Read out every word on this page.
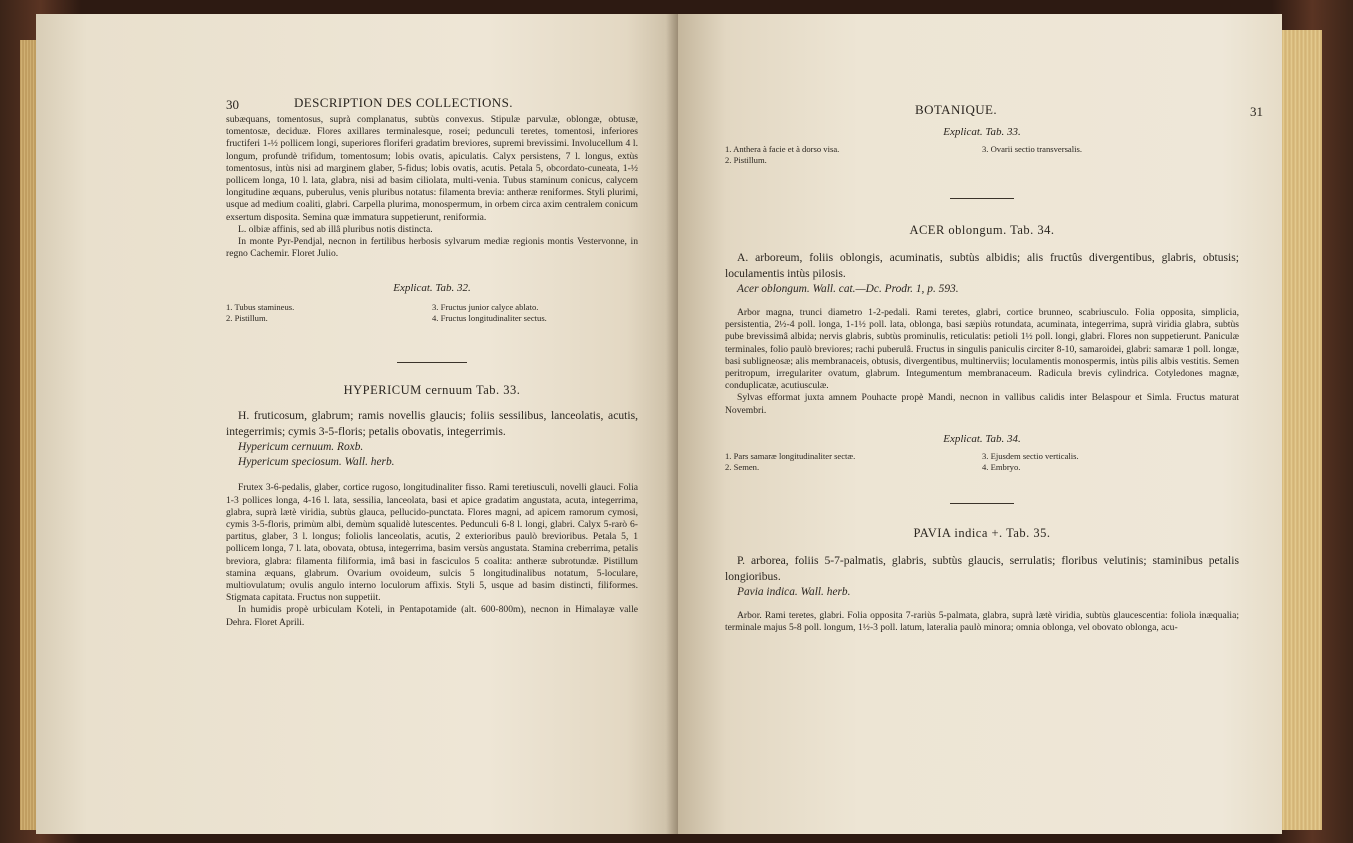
30	DESCRIPTION DES COLLECTIONS.

subæquans, tomentosus, suprà complanatus, subtùs convexus. Stipulæ parvulæ, oblongæ, obtusæ, tomentosæ, deciduæ. Flores axillares terminalesque, rosei; pedunculi teretes, tomentosi, inferiores fructiferi 1-½ pollicem longi, superiores floriferi gradatim breviores, supremi brevissimi. Involucellum 4 l. longum, profundè trifidum, tomentosum; lobis ovatis, apiculatis. Calyx persistens, 7 l. longus, extùs tomentosus, intùs nisi ad marginem glaber, 5-fidus; lobis ovatis, acutis. Petala 5, obcordato-cuneata, 1-½ pollicem longa, 10 l. lata, glabra, nisi ad basim ciliolata, multi-venia. Tubus staminum conicus, calycem longitudine æquans, puberulus, venis pluribus notatus: filamenta brevia: antheræ reniformes. Styli plurimi, usque ad medium coaliti, glabri. Carpella plurima, monospermum, in orbem circa axim centralem conicum exsertum disposita. Semina quæ immatura suppetierunt, reniformia.

L. olbiæ affinis, sed ab illâ pluribus notis distincta.

In monte Pyr-Pendjal, necnon in fertilibus herbosis sylvarum mediæ regionis montis Vestervonne, in regno Cachemir. Floret Julio.

Explicat. Tab. 32.

1. Tubus stamineus.
2. Pistillum.
3. Fructus junior calyce ablato.
4. Fructus longitudinaliter sectus.

HYPERICUM cernuum Tab. 33.

H. fruticosum, glabrum; ramis novellis glaucis; foliis sessilibus, lanceolatis, acutis, integerrimis; cymis 3-5-floris; petalis obovatis, integerrimis.

Hypericum cernuum. Roxb.

Hypericum speciosum. Wall. herb.

Frutex 3-6-pedalis, glaber, cortice rugoso, longitudinaliter fisso. Rami teretiusculi, novelli glauci. Folia 1-3 pollices longa, 4-16 l. lata, sessilia, lanceolata, basi et apice gradatim angustata, acuta, integerrima, glabra, suprà lætè viridia, subtùs glauca, pellucido-punctata. Flores magni, ad apicem ramorum cymosi, cymis 3-5-floris, primùm albi, demùm squalidè lutescentes. Pedunculi 6-8 l. longi, glabri. Calyx 5-rarò 6-partitus, glaber, 3 l. longus; foliolis lanceolatis, acutis, 2 exterioribus paulò brevioribus. Petala 5, 1 pollicem longa, 7 l. lata, obovata, obtusa, integerrima, basim versùs angustata. Stamina creberrima, petalis breviora, glabra: filamenta filiformia, imâ basi in fasciculos 5 coalita: antheræ subrotundæ. Pistillum stamina æquans, glabrum. Ovarium ovoideum, sulcis 5 longitudinalibus notatum, 5-loculare, multiovulatum; ovulis angulo interno loculorum affixis. Styli 5, usque ad basim distincti, filiformes. Stigmata capitata. Fructus non suppetiit.

In humidis propè urbiculam Koteli, in Pentapotamide (alt. 600-800m), necnon in Himalayæ valle Dehra. Floret Aprili.

BOTANIQUE.	31

Explicat. Tab. 33.

1. Anthera à facie et à dorso visa.
2. Pistillum.
3. Ovarii sectio transversalis.

ACER oblongum. Tab. 34.

A. arboreum, foliis oblongis, acuminatis, subtùs albidis; alis fructûs divergentibus, glabris, obtusis; loculamentis intùs pilosis.

Acer oblongum. Wall. cat.—Dc. Prodr. 1, p. 593.

Arbor magna, trunci diametro 1-2-pedali. Rami teretes, glabri, cortice brunneo, scabriusculo. Folia opposita, simplicia, persistentia, 2½-4 poll. longa, 1-1½ poll. lata, oblonga, basi sæpiùs rotundata, acuminata, integerrima, suprà viridia glabra, subtùs pube brevissimâ albida; nervis glabris, subtùs prominulis, reticulatis: petioli 1½ poll. longi, glabri. Flores non suppetierunt. Paniculæ terminales, folio paulò breviores; rachi puberulâ. Fructus in singulis paniculis circiter 8-10, samaroidei, glabri: samaræ 1 poll. longæ, basi subligneosæ; alis membranaceis, obtusis, divergentibus, multinerviis; loculamentis monospermis, intùs pilis albis vestitis. Semen peritropum, irregulariter ovatum, glabrum. Integumentum membranaceum. Radicula brevis cylindrica. Cotyledones magnæ, conduplicatæ, acutiusculæ.

Sylvas efformat juxta amnem Pouhacte propè Mandi, necnon in vallibus calidis inter Belaspour et Simla. Fructus maturat Novembri.

Explicat. Tab. 34.

1. Pars samaræ longitudinaliter sectæ.
2. Semen.
3. Ejusdem sectio verticalis.
4. Embryo.

PAVIA indica +. Tab. 35.

P. arborea, foliis 5-7-palmatis, glabris, subtùs glaucis, serrulatis; floribus velutinis; staminibus petalis longioribus.

Pavia indica. Wall. herb.

Arbor. Rami teretes, glabri. Folia opposita 7-rariùs 5-palmata, glabra, suprà lætè viridia, subtùs glaucescentia: foliola inæqualia; terminale majus 5-8 poll. longum, 1½-3 poll. latum, lateralia paulò minora; omnia oblonga, vel obovato oblonga, acu-
